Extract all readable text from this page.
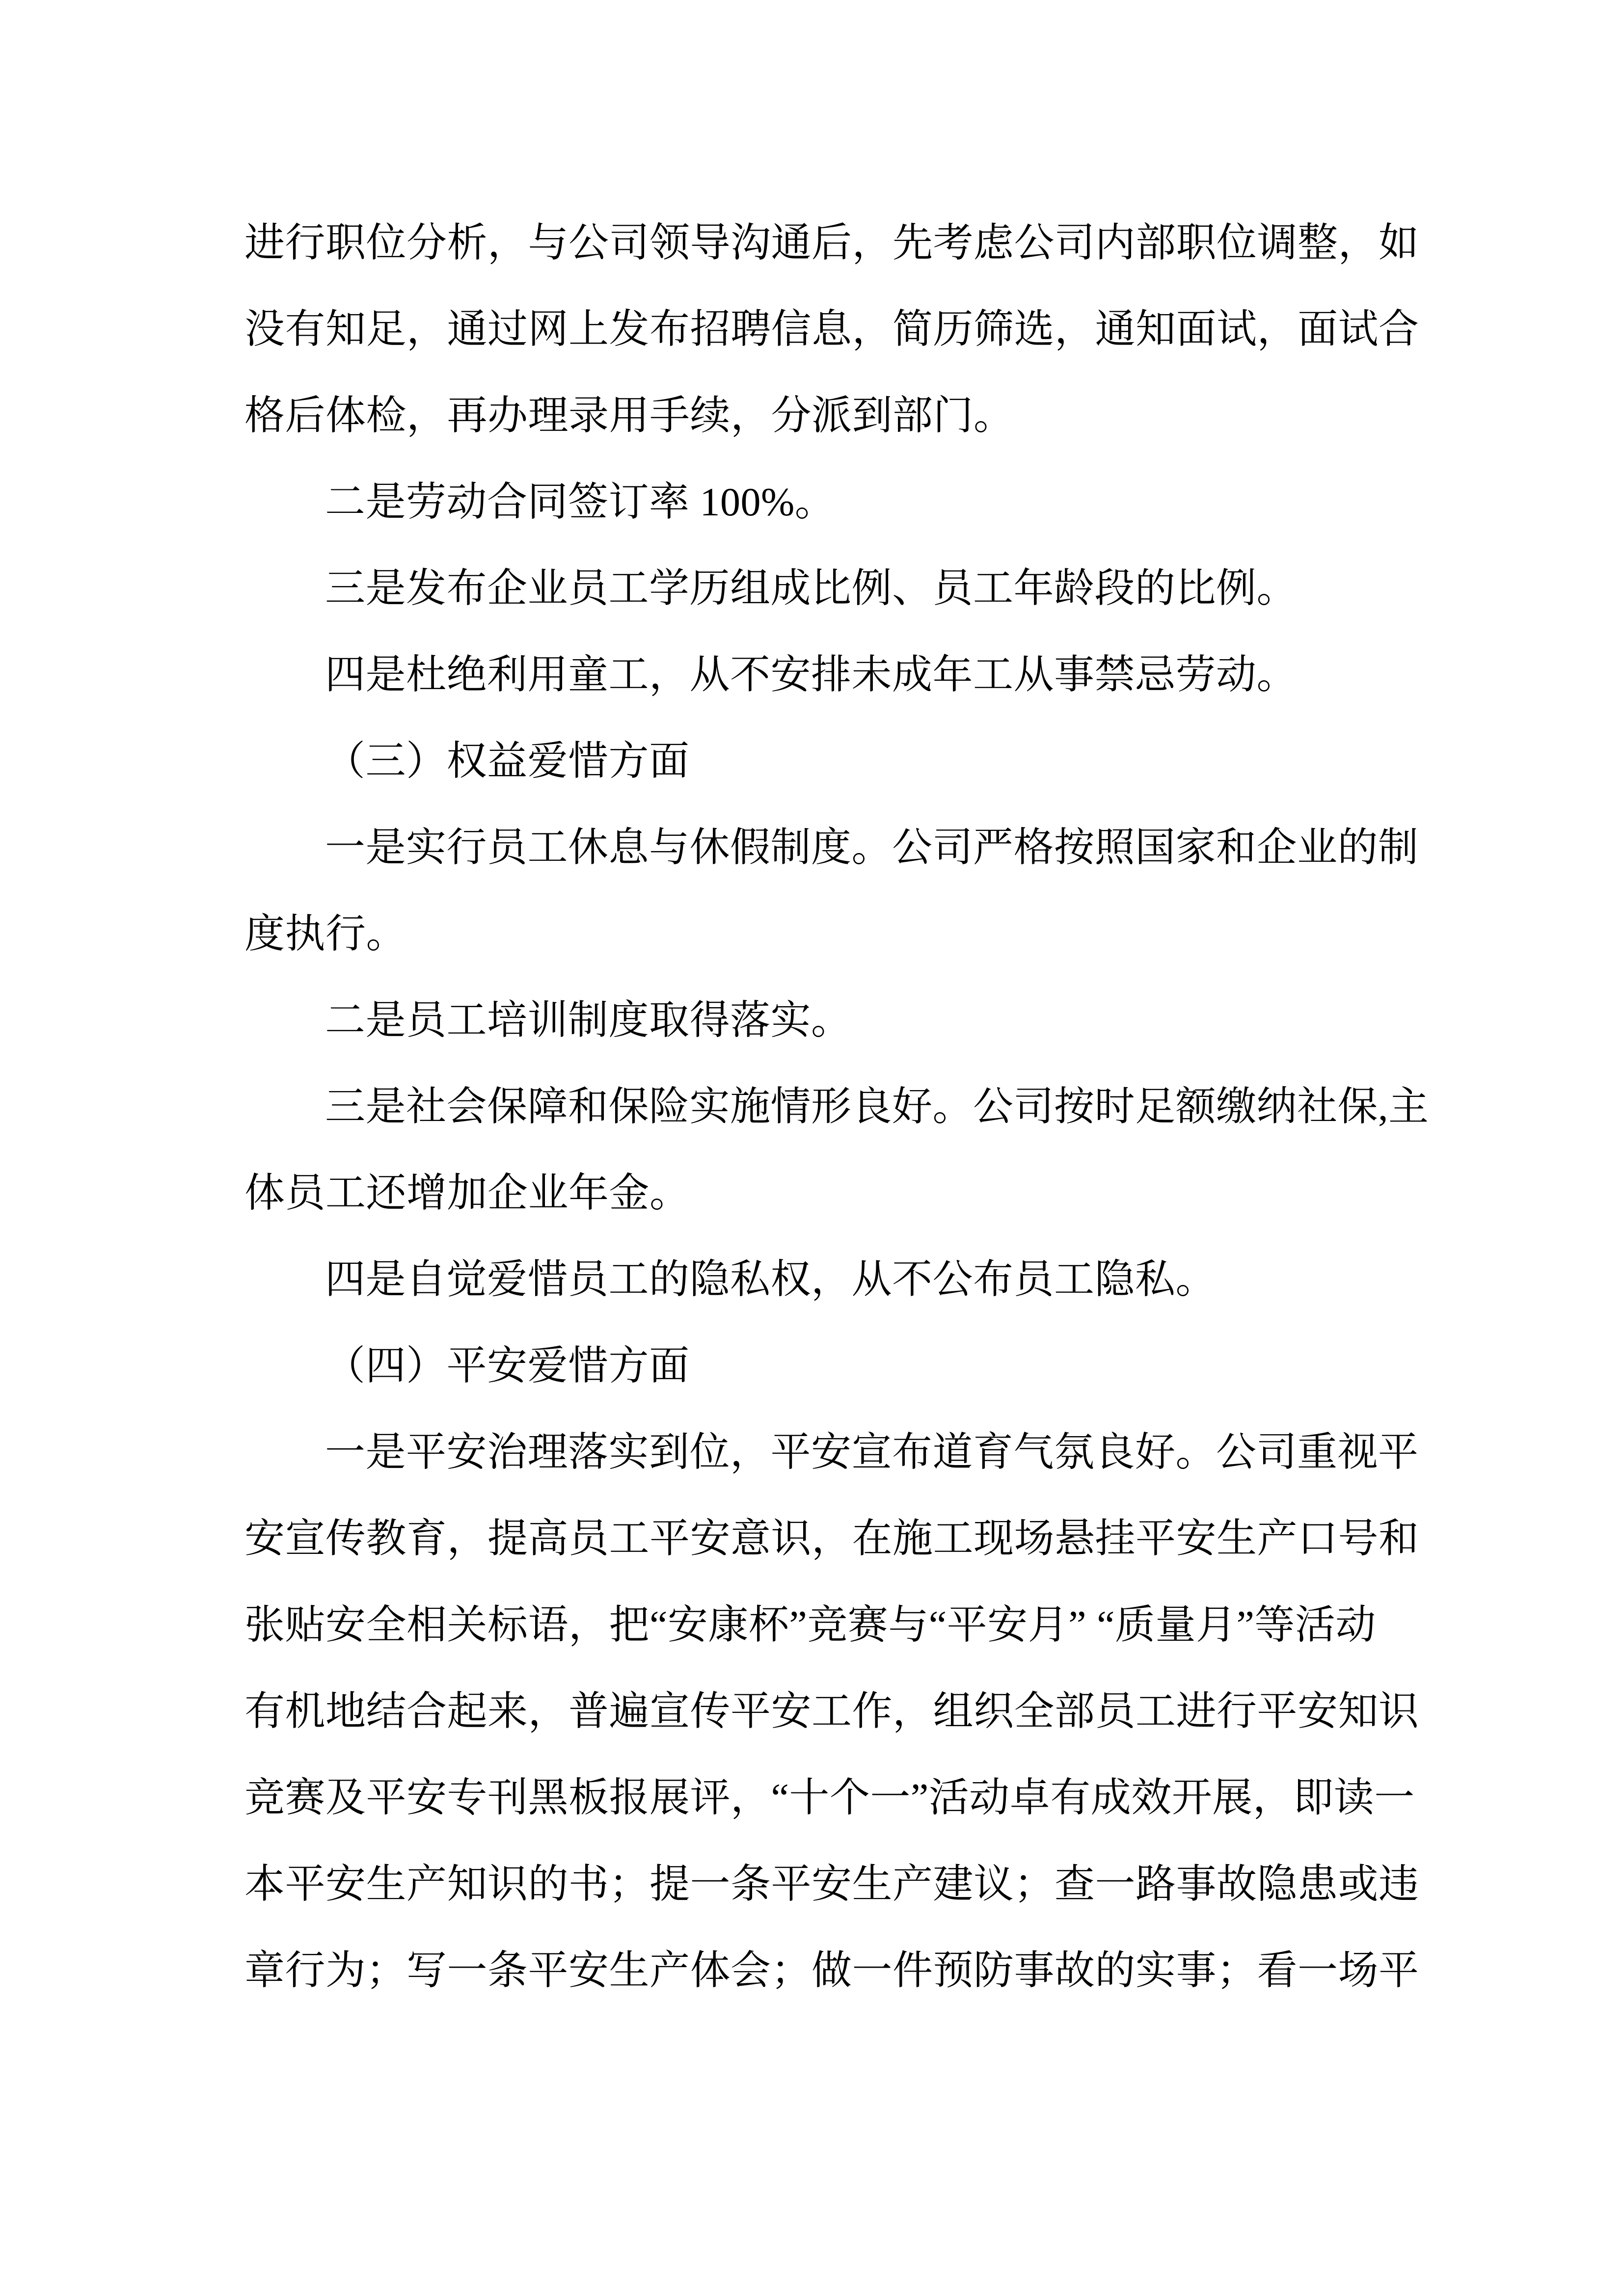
进行职位分析，与公司领导沟通后，先考虑公司内部职位调整，如
没有知足，通过网上发布招聘信息，简历筛选，通知面试，面试合
格后体检，再办理录用手续，分派到部门。
二是劳动合同签订率 100%。
三是发布企业员工学历组成比例、员工年龄段的比例。
四是杜绝利用童工，从不安排未成年工从事禁忌劳动。
（三）权益爱惜方面
一是实行员工休息与休假制度。公司严格按照国家和企业的制
度执行。
二是员工培训制度取得落实。
三是社会保障和保险实施情形良好。公司按时足额缴纳社保,主
体员工还增加企业年金。
四是自觉爱惜员工的隐私权，从不公布员工隐私。
（四）平安爱惜方面
一是平安治理落实到位，平安宣布道育气氛良好。公司重视平
安宣传教育，提高员工平安意识，在施工现场悬挂平安生产口号和
张贴安全相关标语，把“安康杯”竞赛与“平安月” “质量月”等活动
有机地结合起来，普遍宣传平安工作，组织全部员工进行平安知识
竞赛及平安专刊黑板报展评，“十个一”活动卓有成效开展，即读一
本平安生产知识的书；提一条平安生产建议；查一路事故隐患或违
章行为；写一条平安生产体会；做一件预防事故的实事；看一场平
